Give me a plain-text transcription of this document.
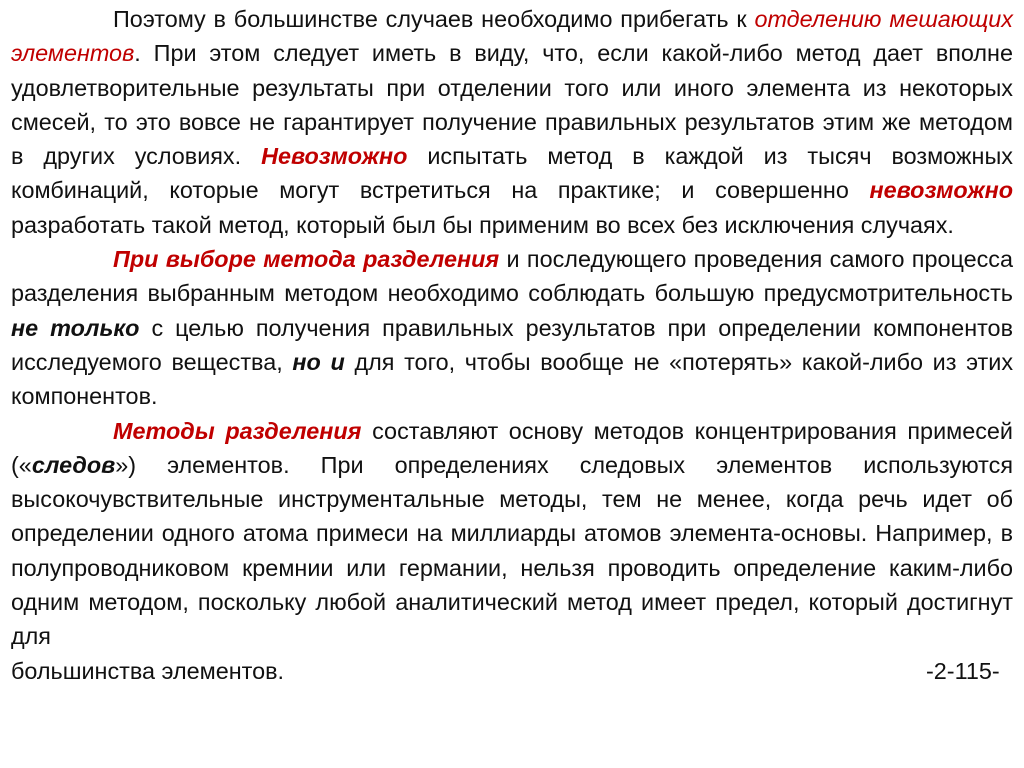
Поэтому в большинстве случаев необходимо прибегать к отделению мешающих элементов. При этом следует иметь в виду, что, если какой-либо метод дает вполне удовлетворительные результаты при отделении того или иного элемента из некоторых смесей, то это вовсе не гарантирует получение правильных результатов этим же методом в других условиях. Невозможно испытать метод в каждой из тысяч возможных комбинаций, которые могут встретиться на практике; и совершенно невозможно разработать такой метод, который был бы применим во всех без исключения случаях.

При выборе метода разделения и последующего проведения самого процесса разделения выбранным методом необходимо соблюдать большую предусмотрительность не только с целью получения правильных результатов при определении компонентов исследуемого вещества, но и для того, чтобы вообще не «потерять» какой-либо из этих компонентов.

Методы разделения составляют основу методов концентрирования примесей («следов») элементов. При определениях следовых элементов используются высокочувствительные инструментальные методы, тем не менее, когда речь идет об определении одного атома примеси на миллиарды атомов элемента-основы. Например, в полупроводниковом кремнии или германии, нельзя проводить определение каким-либо одним методом, поскольку любой аналитический метод имеет предел, который достигнут для

большинства элементов.	-2-115-
